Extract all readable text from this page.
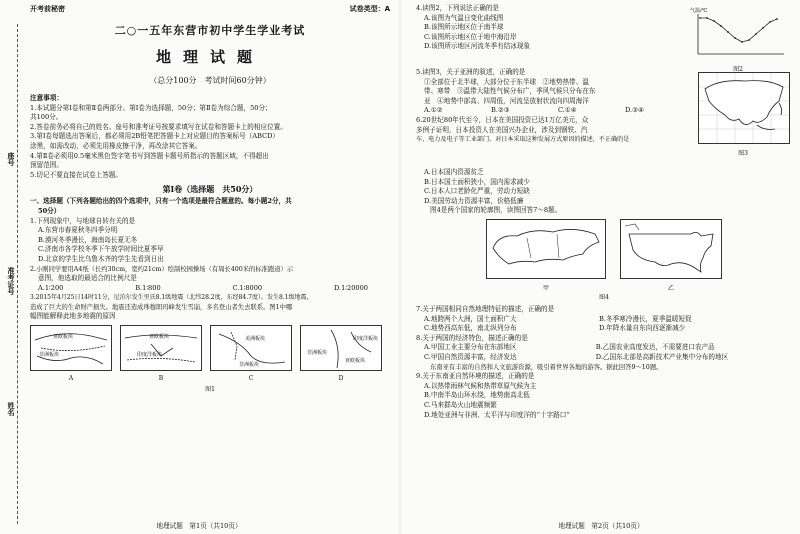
座号
准考证号
姓名
开考前秘密	试卷类型：A
二○一五年东营市初中学生学业考试
地理试题
（总分100分　考试时间60分钟）

注意事项：

1.本试题分第Ⅰ卷和第Ⅱ卷两部分。第Ⅰ卷为选择题，50分；第Ⅱ卷为综合题，50分；

共100分。

2.答卷前务必将自己的姓名、座号和准考证号按要求填写在试卷和答题卡上的相应位置。

3.第Ⅰ卷每题选出答案后，都必须用2B铅笔把答题卡上对应题目的答案标号（ABCD）

涂黑，如需改动，必须先用橡皮擦干净，再改涂其它答案。

4.第Ⅱ卷必须用0.5毫米黑色签字笔书写到答题卡题号所指示的答题区域，不得超出

预留范围。

5.切记不要直接在试卷上答题。

第Ⅰ卷（选择题　共50分）

一、选择题（下列各题给出的四个选项中，只有一个选项是最符合题意的。每小题2分，共

50分）

1.下列现象中，与地球自转有关的是

A.东营市春夏秋冬四季分明

B.漠河冬季漫长，海南岛长夏无冬

C.济南市各学校冬季下午放学时间比夏季早

D.北京的学生比乌鲁木齐的学生先看到日出

2.小刚同学要用A4纸（长约30cm，宽约21cm）绘制校园操场（有周长400米的标准跑道）示

意图，他选取的最适合的比例尺是

A.1∶200	B.1∶800	C.1∶8000	D.1∶20000

3.2015年4月25日14时11分，尼泊尔发生里氏8.1级地震（北纬28.2度，东经84.7度）。发生8.1级地震，

造成了巨大的生命财产损失。地震还造成珠穆朗玛峰发生雪崩，多名登山者失去联系。图1中哪

幅图能解释此地多地震的原因

亚欧板块
非洲板块
A
亚欧板块
印度洋板块
B
美洲板块
非洲板块
C
印度洋板块
非洲板块
亚欧板块
D
图1
地理试题　第1页（共10页）

4.读图2，下列说法正确的是

A.该图为气温日变化曲线图

B.该图所示地区位于南半球

C.该图所示地区位于地中海沿岸

D.该图所示地区河流冬季有结冰现象

气温/℃
图2

5.读图3，关于亚洲的叙述，正确的是

①全部位于北半球，大部分位于东半球　②地势热带、温

带、寒带　③温带大陆性气候分布广，季风气候只分布在东

亚　④地势中部高、四周低，河流呈放射状流向四周海洋

A.①②	B.②③	C.①④	D.③④

6.20世纪80年代至今，日本在美国投资已达1万亿美元，众

多例子证明，日本投资人在美国兴办企业，涉及到钢铁、汽

车、电力及电子等工业部门。对日本采取这种发展方式原因的描述，不正确的是

图3

A.日本国内资源贫乏

B.日本国土面积狭小，国内需求减少

C.日本人口老龄化严重，劳动力短缺

D.美国劳动力资源丰富，价格低廉

图4是两个国家的轮廓图，读图回答7～8题。

甲	乙
图4

7.关于两国相同自然地理特征的描述，正确的是

A.地跨两个大洲，国土面积广大	B.冬季寒冷漫长，夏季温暖短促
C.地势西高东低，南北纵列分布	D.年降水量自东向西逐渐减少

8.关于两国的经济特色，描述正确的是

A.甲国工业主要分布在东部地区	B.乙国农业高度发达，不需要进口农产品
C.甲国自然资源丰富，经济发达	D.乙国东北部是高新技术产业集中分布的地区

东南亚有丰富的自然和人文旅游资源，吸引着世界各地的游客。据此回答9～10题。

9.关于东南亚自然环境的描述，正确的是

A.以热带雨林气候和热带草原气候为主

B.中南半岛山环水绕，地势南高北低

C.马来群岛火山地震频繁

D.地处亚洲与非洲、太平洋与印度洋的“十字路口”

地理试题　第2页（共10页）
